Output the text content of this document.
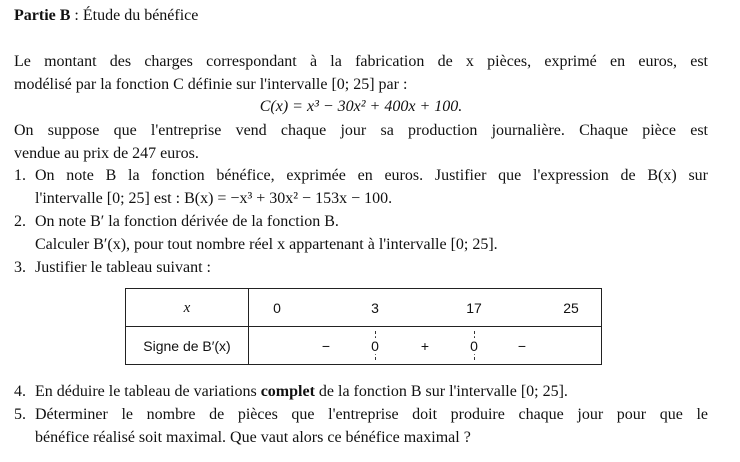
Partie B : Étude du bénéfice
Le montant des charges correspondant à la fabrication de x pièces, exprimé en euros, est
modélisé par la fonction C définie sur l'intervalle [0; 25] par :
C(x) = x³ − 30x² + 400x + 100.
On suppose que l'entreprise vend chaque jour sa production journalière. Chaque pièce est
vendue au prix de 247 euros.
1. On note B la fonction bénéfice, exprimée en euros. Justifier que l'expression de B(x) sur
l'intervalle [0; 25] est : B(x) = −x³ + 30x² − 153x − 100.
2. On note B′ la fonction dérivée de la fonction B.
Calculer B′(x), pour tout nombre réel x appartenant à l'intervalle [0; 25].
3. Justifier le tableau suivant :
x	0 3 17 25

Signe de B′(x)	− 0 + 0 −
4. En déduire le tableau de variations complet de la fonction B sur l'intervalle [0; 25].
5. Déterminer le nombre de pièces que l'entreprise doit produire chaque jour pour que le
bénéfice réalisé soit maximal. Que vaut alors ce bénéfice maximal ?
